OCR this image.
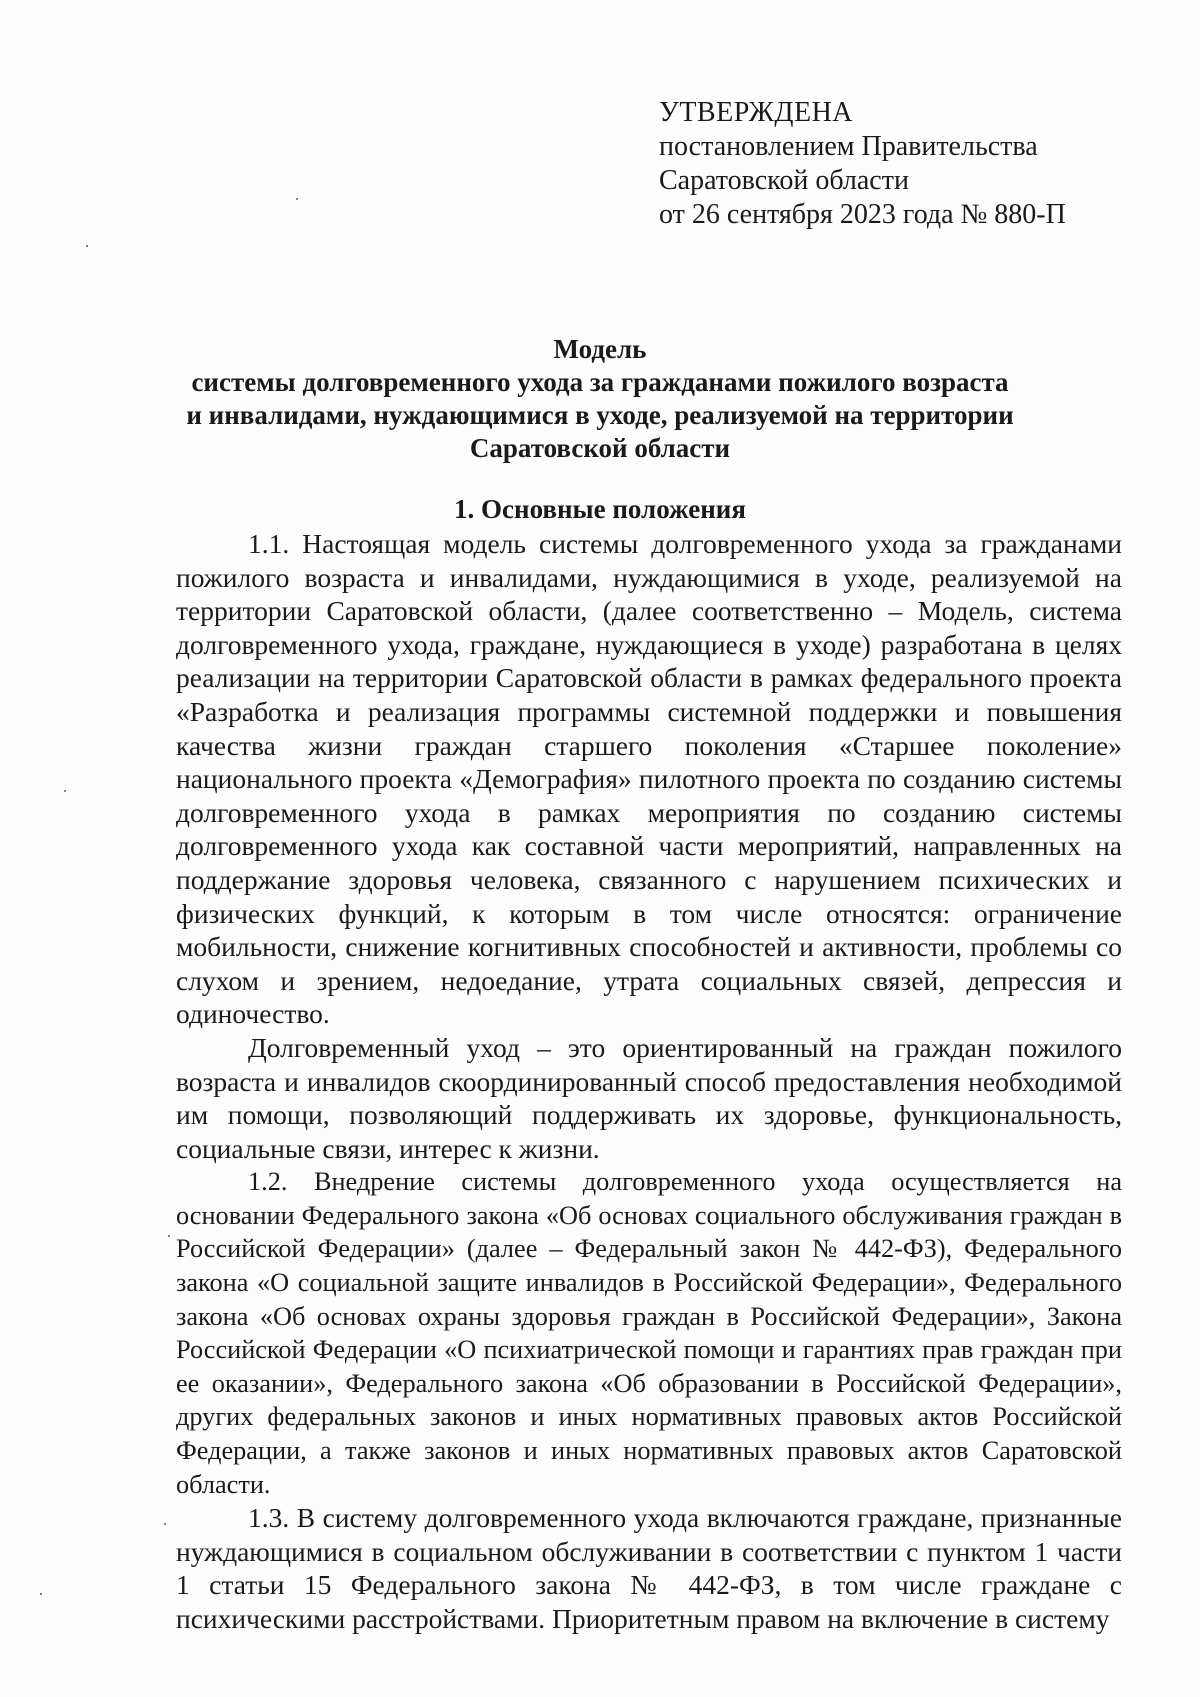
УТВЕРЖДЕНА
постановлением Правительства
Саратовской области
от 26 сентября 2023 года № 880-П
Модель
системы долговременного ухода за гражданами пожилого возраста
и инвалидами, нуждающимися в уходе, реализуемой на территории
Саратовской области
1. Основные положения

1.1. Настоящая модель системы долговременного ухода за гражданами пожилого возраста и инвалидами, нуждающимися в уходе, реализуемой на территории Саратовской области, (далее соответственно – Модель, система долговременного ухода, граждане, нуждающиеся в уходе) разработана в целях реализации на территории Саратовской области в рамках федерального проекта «Разработка и реализация программы системной поддержки и повышения качества жизни граждан старшего поколения «Старшее поколение» национального проекта «Демография» пилотного проекта по созданию системы долговременного ухода в рамках мероприятия по созданию системы долговременного ухода как составной части мероприятий, направленных на поддержание здоровья человека, связанного с нарушением психических и физических функций, к которым в том числе относятся: ограничение мобильности, снижение когнитивных способностей и активности, проблемы со слухом и зрением, недоедание, утрата социальных связей, депрессия и одиночество.

Долговременный уход – это ориентированный на граждан пожилого возраста и инвалидов скоординированный способ предоставления необходимой им помощи, позволяющий поддерживать их здоровье, функциональность, социальные связи, интерес к жизни.

1.2. Внедрение системы долговременного ухода осуществляется на основании Федерального закона «Об основах социального обслуживания граждан в Российской Федерации» (далее – Федеральный закон № 442-ФЗ), Федерального закона «О социальной защите инвалидов в Российской Федерации», Федерального закона «Об основах охраны здоровья граждан в Российской Федерации», Закона Российской Федерации «О психиатрической помощи и гарантиях прав граждан при ее оказании», Федерального закона «Об образовании в Российской Федерации», других федеральных законов и иных нормативных правовых актов Российской Федерации, а также законов и иных нормативных правовых актов Саратовской области.

1.3. В систему долговременного ухода включаются граждане, признанные нуждающимися в социальном обслуживании в соответствии с пунктом 1 части 1 статьи 15 Федерального закона № 442-ФЗ, в том числе граждане с психическими расстройствами. Приоритетным правом на включение в систему
